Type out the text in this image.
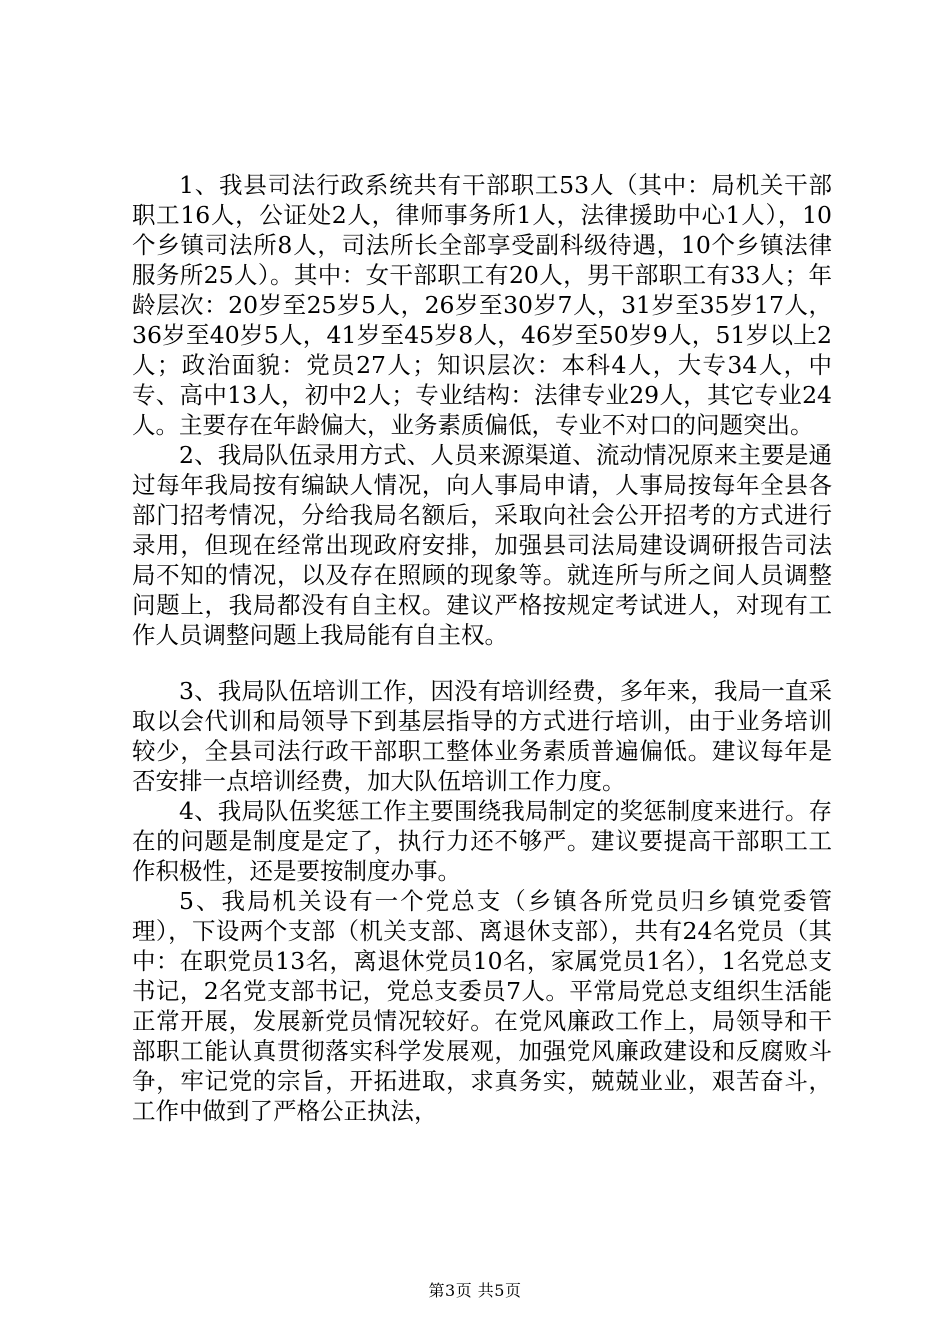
1、我县司法行政系统共有干部职工53人（其中：局机关干部职工16人，公证处2人，律师事务所1人，法律援助中心1人），10个乡镇司法所8人，司法所长全部享受副科级待遇，10个乡镇法律服务所25人）。其中：女干部职工有20人，男干部职工有33人；年龄层次：20岁至25岁5人，26岁至30岁7人，31岁至35岁17人，36岁至40岁5人，41岁至45岁8人，46岁至50岁9人，51岁以上2人；政治面貌：党员27人；知识层次：本科4人，大专34人，中专、高中13人，初中2人；专业结构：法律专业29人，其它专业24人。主要存在年龄偏大，业务素质偏低，专业不对口的问题突出。

2、我局队伍录用方式、人员来源渠道、流动情况原来主要是通过每年我局按有编缺人情况，向人事局申请，人事局按每年全县各部门招考情况，分给我局名额后，采取向社会公开招考的方式进行录用，但现在经常出现政府安排，加强县司法局建设调研报告司法局不知的情况，以及存在照顾的现象等。就连所与所之间人员调整问题上，我局都没有自主权。建议严格按规定考试进人，对现有工作人员调整问题上我局能有自主权。

3、我局队伍培训工作，因没有培训经费，多年来，我局一直采取以会代训和局领导下到基层指导的方式进行培训，由于业务培训较少，全县司法行政干部职工整体业务素质普遍偏低。建议每年是否安排一点培训经费，加大队伍培训工作力度。

4、我局队伍奖惩工作主要围绕我局制定的奖惩制度来进行。存在的问题是制度是定了，执行力还不够严。建议要提高干部职工工作积极性，还是要按制度办事。

5、我局机关设有一个党总支（乡镇各所党员归乡镇党委管理），下设两个支部（机关支部、离退休支部），共有24名党员（其中：在职党员13名，离退休党员10名，家属党员1名），1名党总支书记，2名党支部书记，党总支委员7人。平常局党总支组织生活能正常开展，发展新党员情况较好。在党风廉政工作上，局领导和干部职工能认真贯彻落实科学发展观，加强党风廉政建设和反腐败斗争，牢记党的宗旨，开拓进取，求真务实，兢兢业业，艰苦奋斗，工作中做到了严格公正执法，

第3页 共5页
